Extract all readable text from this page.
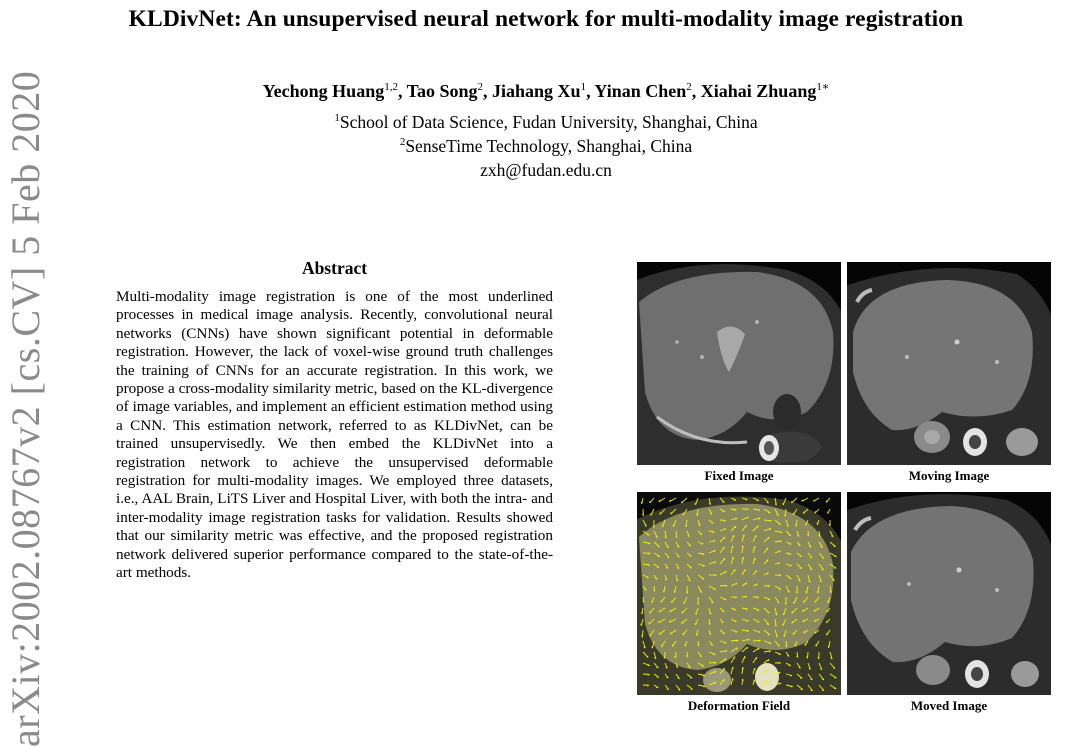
KLDivNet: An unsupervised neural network for multi-modality image registration
Yechong Huang$^{1,2}$, Tao Song$^2$, Jiahang Xu$^1$, Yinan Chen$^2$, Xiahai Zhuang$^{1∗}$
$^1$School of Data Science, Fudan University, Shanghai, China
$^2$SenseTime Technology, Shanghai, China
zxh@fudan.edu.cn
arXiv:2002.08767v2 [cs.CV] 5 Feb 2020	Abstract
Multi-modality image registration is one of the most underlined processes in medical image analysis. Recently, convolutional neural networks (CNNs) have shown significant potential in deformable registration. However, the lack of voxel-wise ground truth challenges the training of CNNs for an accurate registration. In this work, we propose a cross-modality similarity metric, based on the KL-divergence of image variables, and implement an efficient estimation method using a CNN. This estimation network, referred to as KLDivNet, can be trained unsupervisedly. We then embed the KLDivNet into a registration network to achieve the unsupervised deformable registration for multi-modality images. We employed three datasets, i.e., AAL Brain, LiTS Liver and Hospital Liver, with both the intra- and inter-modality image registration tasks for validation. Results showed that our similarity metric was effective, and the proposed registration network delivered superior performance compared to the state-of-the-art methods.
Fixed Image	Moving Image
Deformation Field	Moved Image
